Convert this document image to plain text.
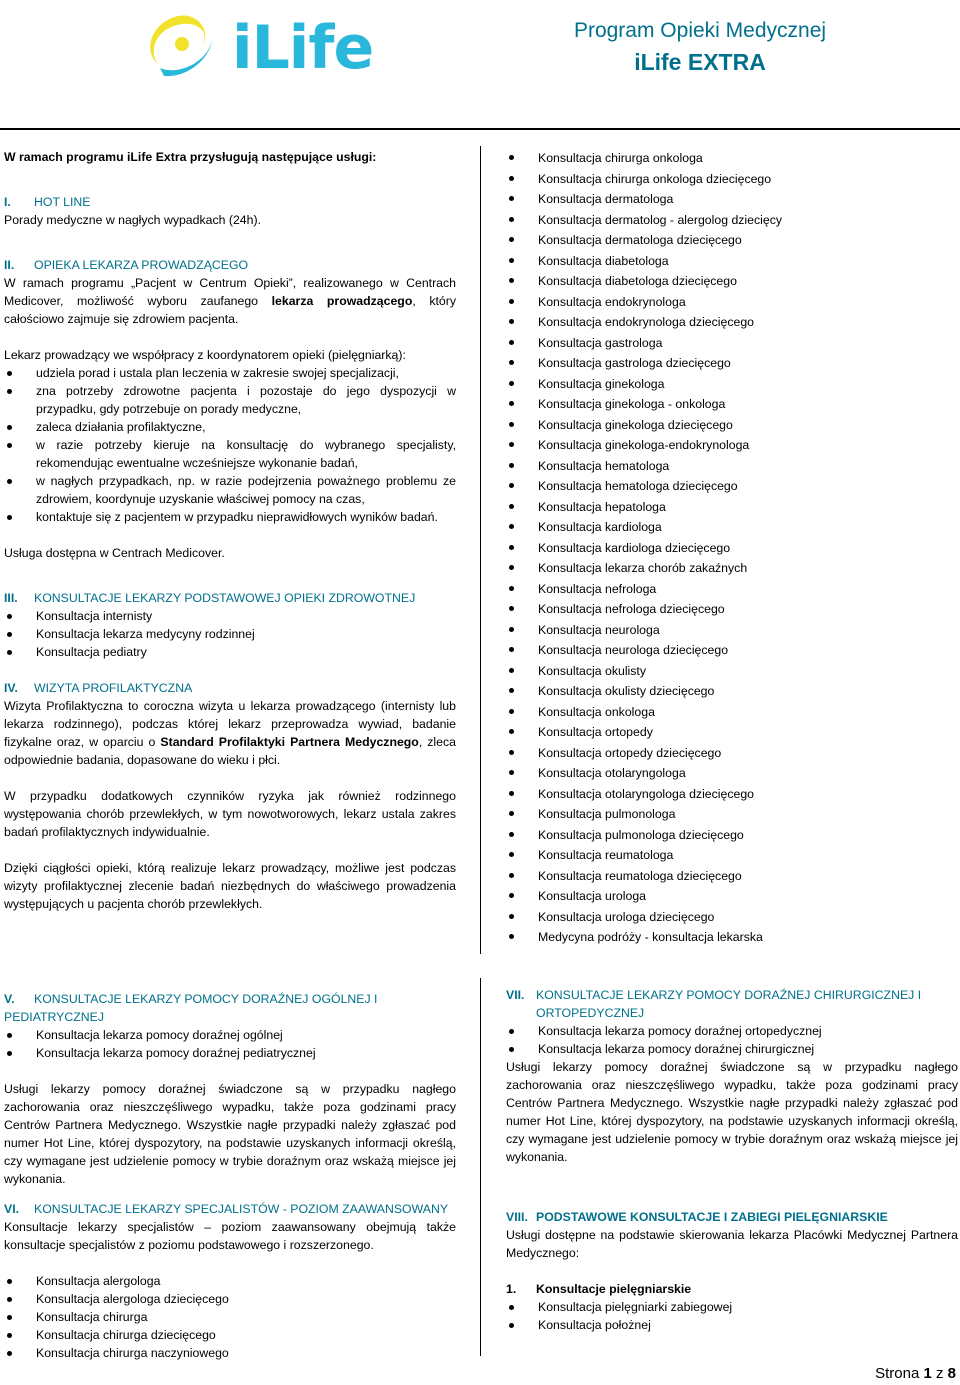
iLife	Program Opieki Medycznej
iLife EXTRA
W ramach programu iLife Extra przysługują następujące usługi:
I. HOT LINE
Porady medyczne w nagłych wypadkach (24h).
II. OPIEKA LEKARZA PROWADZĄCEGO
W ramach programu „Pacjent w Centrum Opieki”, realizowanego w Centrach Medicover, możliwość wyboru zaufanego lekarza prowadzącego, który całościowo zajmuje się zdrowiem pacjenta.
Lekarz prowadzący we współpracy z koordynatorem opieki (pielęgniarką):
udziela porad i ustala plan leczenia w zakresie swojej specjalizacji,
zna potrzeby zdrowotne pacjenta i pozostaje do jego dyspozycji w przypadku, gdy potrzebuje on porady medyczne,
zaleca działania profilaktyczne,
w razie potrzeby kieruje na konsultację do wybranego specjalisty, rekomendując ewentualne wcześniejsze wykonanie badań,
w nagłych przypadkach, np. w razie podejrzenia poważnego problemu ze zdrowiem, koordynuje uzyskanie właściwej pomocy na czas,
kontaktuje się z pacjentem w przypadku nieprawidłowych wyników badań.
Usługa dostępna w Centrach Medicover.
III. KONSULTACJE LEKARZY PODSTAWOWEJ OPIEKI ZDROWOTNEJ
Konsultacja internisty
Konsultacja lekarza medycyny rodzinnej
Konsultacja pediatry
IV. WIZYTA PROFILAKTYCZNA
Wizyta Profilaktyczna to coroczna wizyta u lekarza prowadzącego (internisty lub lekarza rodzinnego), podczas której lekarz przeprowadza wywiad, badanie fizykalne oraz, w oparciu o Standard Profilaktyki Partnera Medycznego, zleca odpowiednie badania, dopasowane do wieku i płci.
W przypadku dodatkowych czynników ryzyka jak również rodzinnego występowania chorób przewlekłych, w tym nowotworowych, lekarz ustala zakres badań profilaktycznych indywidualnie.
Dzięki ciągłości opieki, którą realizuje lekarz prowadzący, możliwe jest podczas wizyty profilaktycznej zlecenie badań niezbędnych do właściwego prowadzenia występujących u pacjenta chorób przewlekłych.
Konsultacja chirurga onkologa
Konsultacja chirurga onkologa dziecięcego
Konsultacja dermatologa
Konsultacja dermatolog - alergolog dziecięcy
Konsultacja dermatologa dziecięcego
Konsultacja diabetologa
Konsultacja diabetologa dziecięcego
Konsultacja endokrynologa
Konsultacja endokrynologa dziecięcego
Konsultacja gastrologa
Konsultacja gastrologa dziecięcego
Konsultacja ginekologa
Konsultacja ginekologa - onkologa
Konsultacja ginekologa dziecięcego
Konsultacja ginekologa-endokrynologa
Konsultacja hematologa
Konsultacja hematologa dziecięcego
Konsultacja hepatologa
Konsultacja kardiologa
Konsultacja kardiologa dziecięcego
Konsultacja lekarza chorób zakaźnych
Konsultacja nefrologa
Konsultacja nefrologa dziecięcego
Konsultacja neurologa
Konsultacja neurologa dziecięcego
Konsultacja okulisty
Konsultacja okulisty dziecięcego
Konsultacja onkologa
Konsultacja ortopedy
Konsultacja ortopedy dziecięcego
Konsultacja otolaryngologa
Konsultacja otolaryngologa dziecięcego
Konsultacja pulmonologa
Konsultacja pulmonologa dziecięcego
Konsultacja reumatologa
Konsultacja reumatologa dziecięcego
Konsultacja urologa
Konsultacja urologa dziecięcego
Medycyna podróży - konsultacja lekarska
V. KONSULTACJE LEKARZY POMOCY DORAŹNEJ OGÓLNEJ I PEDIATRYCZNEJ
Konsultacja lekarza pomocy doraźnej ogólnej
Konsultacja lekarza pomocy doraźnej pediatrycznej
Usługi lekarzy pomocy doraźnej świadczone są w przypadku nagłego zachorowania oraz nieszczęśliwego wypadku, także poza godzinami pracy Centrów Partnera Medycznego. Wszystkie nagłe przypadki należy zgłaszać pod numer Hot Line, której dyspozytory, na podstawie uzyskanych informacji określą, czy wymagane jest udzielenie pomocy w trybie doraźnym oraz wskażą miejsce jej wykonania.
VI. KONSULTACJE LEKARZY SPECJALISTÓW - POZIOM ZAAWANSOWANY
Konsultacje lekarzy specjalistów – poziom zaawansowany obejmują także konsultacje specjalistów z poziomu podstawowego i rozszerzonego.
Konsultacja alergologa
Konsultacja alergologa dziecięcego
Konsultacja chirurga
Konsultacja chirurga dziecięcego
Konsultacja chirurga naczyniowego
VII. KONSULTACJE LEKARZY POMOCY DORAŹNEJ CHIRURGICZNEJ I
ORTOPEDYCZNEJ
Konsultacja lekarza pomocy doraźnej ortopedycznej
Konsultacja lekarza pomocy doraźnej chirurgicznej
Usługi lekarzy pomocy doraźnej świadczone są w przypadku nagłego zachorowania oraz nieszczęśliwego wypadku, także poza godzinami pracy Centrów Partnera Medycznego. Wszystkie nagłe przypadki należy zgłaszać pod numer Hot Line, której dyspozytory, na podstawie uzyskanych informacji określą, czy wymagane jest udzielenie pomocy w trybie doraźnym oraz wskażą miejsce jej wykonania.
VIII. PODSTAWOWE KONSULTACJE I ZABIEGI PIELĘGNIARSKIE
Usługi dostępne na podstawie skierowania lekarza Placówki Medycznej Partnera Medycznego:
1. Konsultacje pielęgniarskie
Konsultacja pielęgniarki zabiegowej
Konsultacja położnej
Strona 1 z 8
